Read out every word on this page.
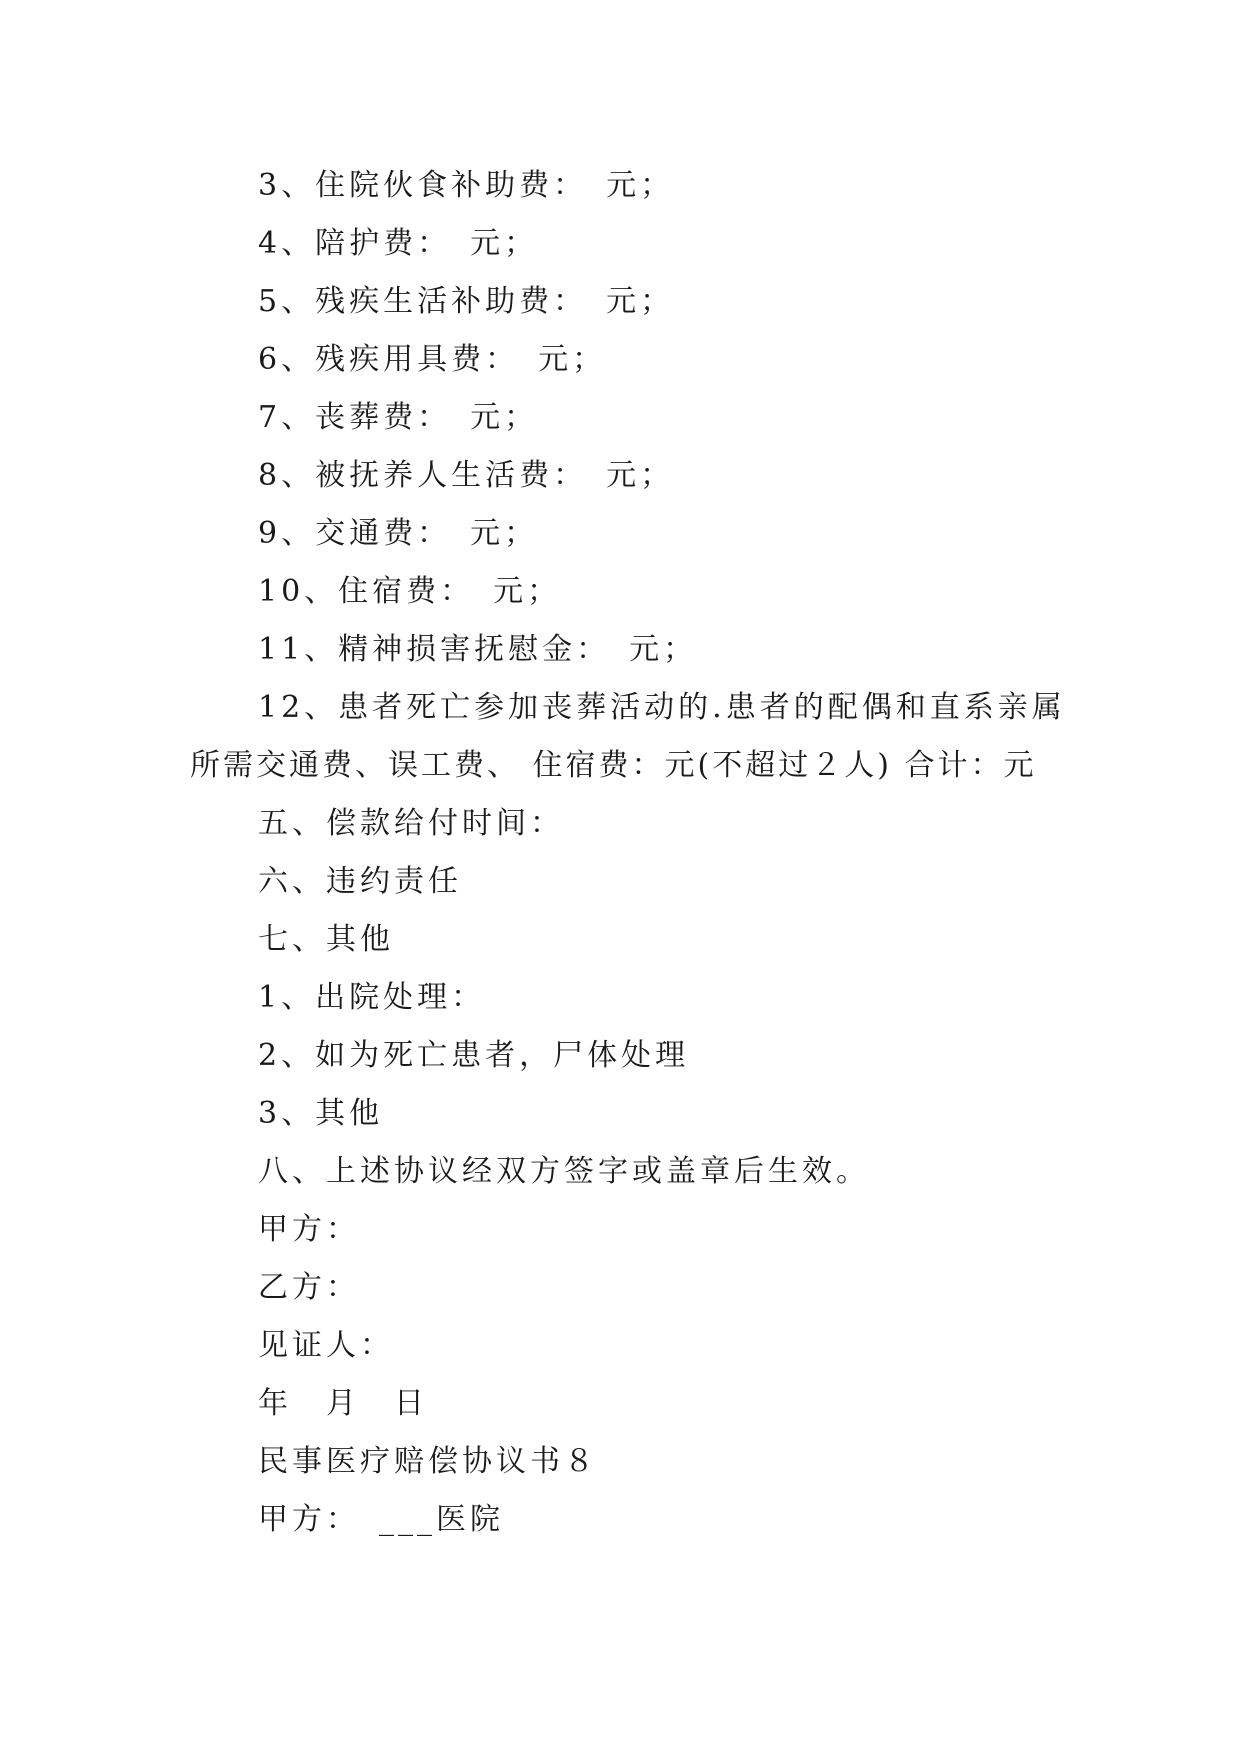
3、住院伙食补助费：　元；
4、陪护费：　元；
5、残疾生活补助费：　元；
6、残疾用具费：　元；
7、丧葬费：　元；
8、被抚养人生活费：　元；
9、交通费：　元；
10、住宿费：　元；
11、精神损害抚慰金：　元；
12、患者死亡参加丧葬活动的.患者的配偶和直系亲属
所需交通费、误工费、 住宿费：元(不超过２人) 合计：元
五、偿款给付时间：
六、违约责任
七、其他
1、出院处理：
2、如为死亡患者，尸体处理
3、其他
八、上述协议经双方签字或盖章后生效。
甲方：
乙方：
见证人：
年　月　日
民事医疗赔偿协议书８
甲方：　___医院
